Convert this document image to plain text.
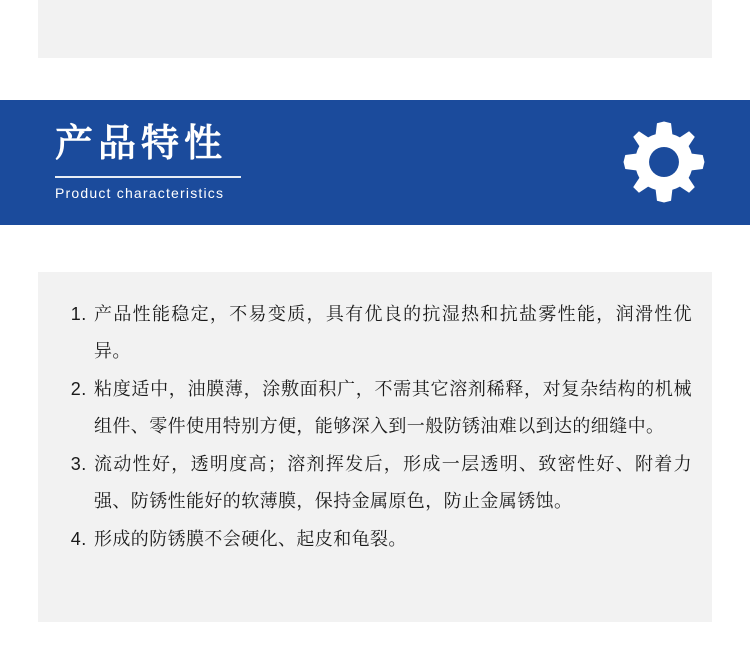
产品特性
Product characteristics
1. 产品性能稳定，不易变质，具有优良的抗湿热和抗盐雾性能，润滑性优异。
2. 粘度适中，油膜薄，涂敷面积广，不需其它溶剂稀释，对复杂结构的机械组件、零件使用特别方便，能够深入到一般防锈油难以到达的细缝中。
3. 流动性好，透明度高；溶剂挥发后，形成一层透明、致密性好、附着力强、防锈性能好的软薄膜，保持金属原色，防止金属锈蚀。
4. 形成的防锈膜不会硬化、起皮和龟裂。
